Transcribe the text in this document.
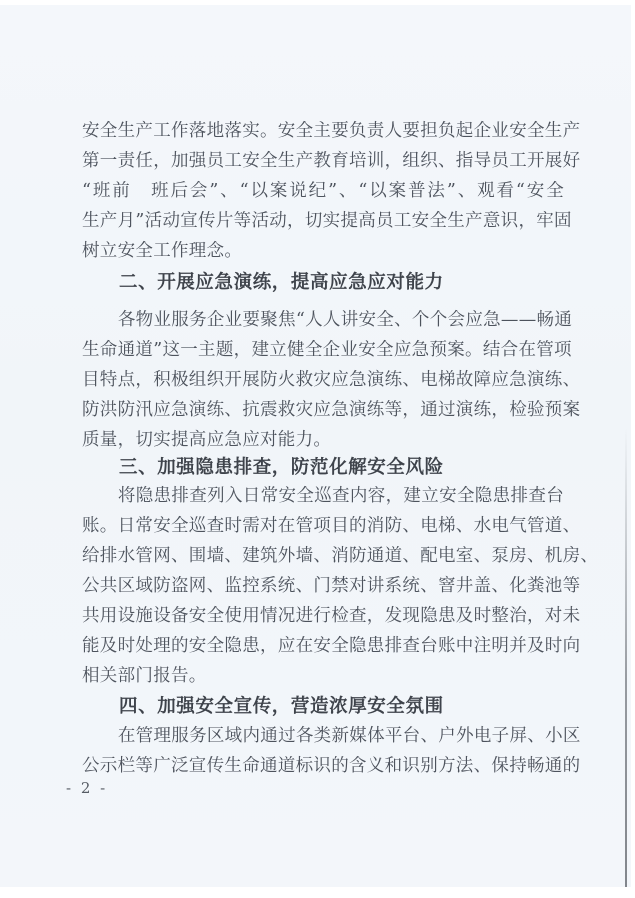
安全生产工作落地落实。安全主要负责人要担负起企业安全生产
第一责任，加强员工安全生产教育培训，组织、指导员工开展好
“班前　班后会”、“以案说纪”、“以案普法”、观看“安全
生产月”活动宣传片等活动，切实提高员工安全生产意识，牢固
树立安全工作理念。
二、开展应急演练，提高应急应对能力
各物业服务企业要聚焦“人人讲安全、个个会应急——畅通
生命通道”这一主题，建立健全企业安全应急预案。结合在管项
目特点，积极组织开展防火救灾应急演练、电梯故障应急演练、
防洪防汛应急演练、抗震救灾应急演练等，通过演练，检验预案
质量，切实提高应急应对能力。
三、加强隐患排查，防范化解安全风险
将隐患排查列入日常安全巡查内容，建立安全隐患排查台
账。日常安全巡查时需对在管项目的消防、电梯、水电气管道、
给排水管网、围墙、建筑外墙、消防通道、配电室、泵房、机房、
公共区域防盗网、监控系统、门禁对讲系统、窨井盖、化粪池等
共用设施设备安全使用情况进行检查，发现隐患及时整治，对未
能及时处理的安全隐患，应在安全隐患排查台账中注明并及时向
相关部门报告。
四、加强安全宣传，营造浓厚安全氛围
在管理服务区域内通过各类新媒体平台、户外电子屏、小区
公示栏等广泛宣传生命通道标识的含义和识别方法、保持畅通的
- 2 -
